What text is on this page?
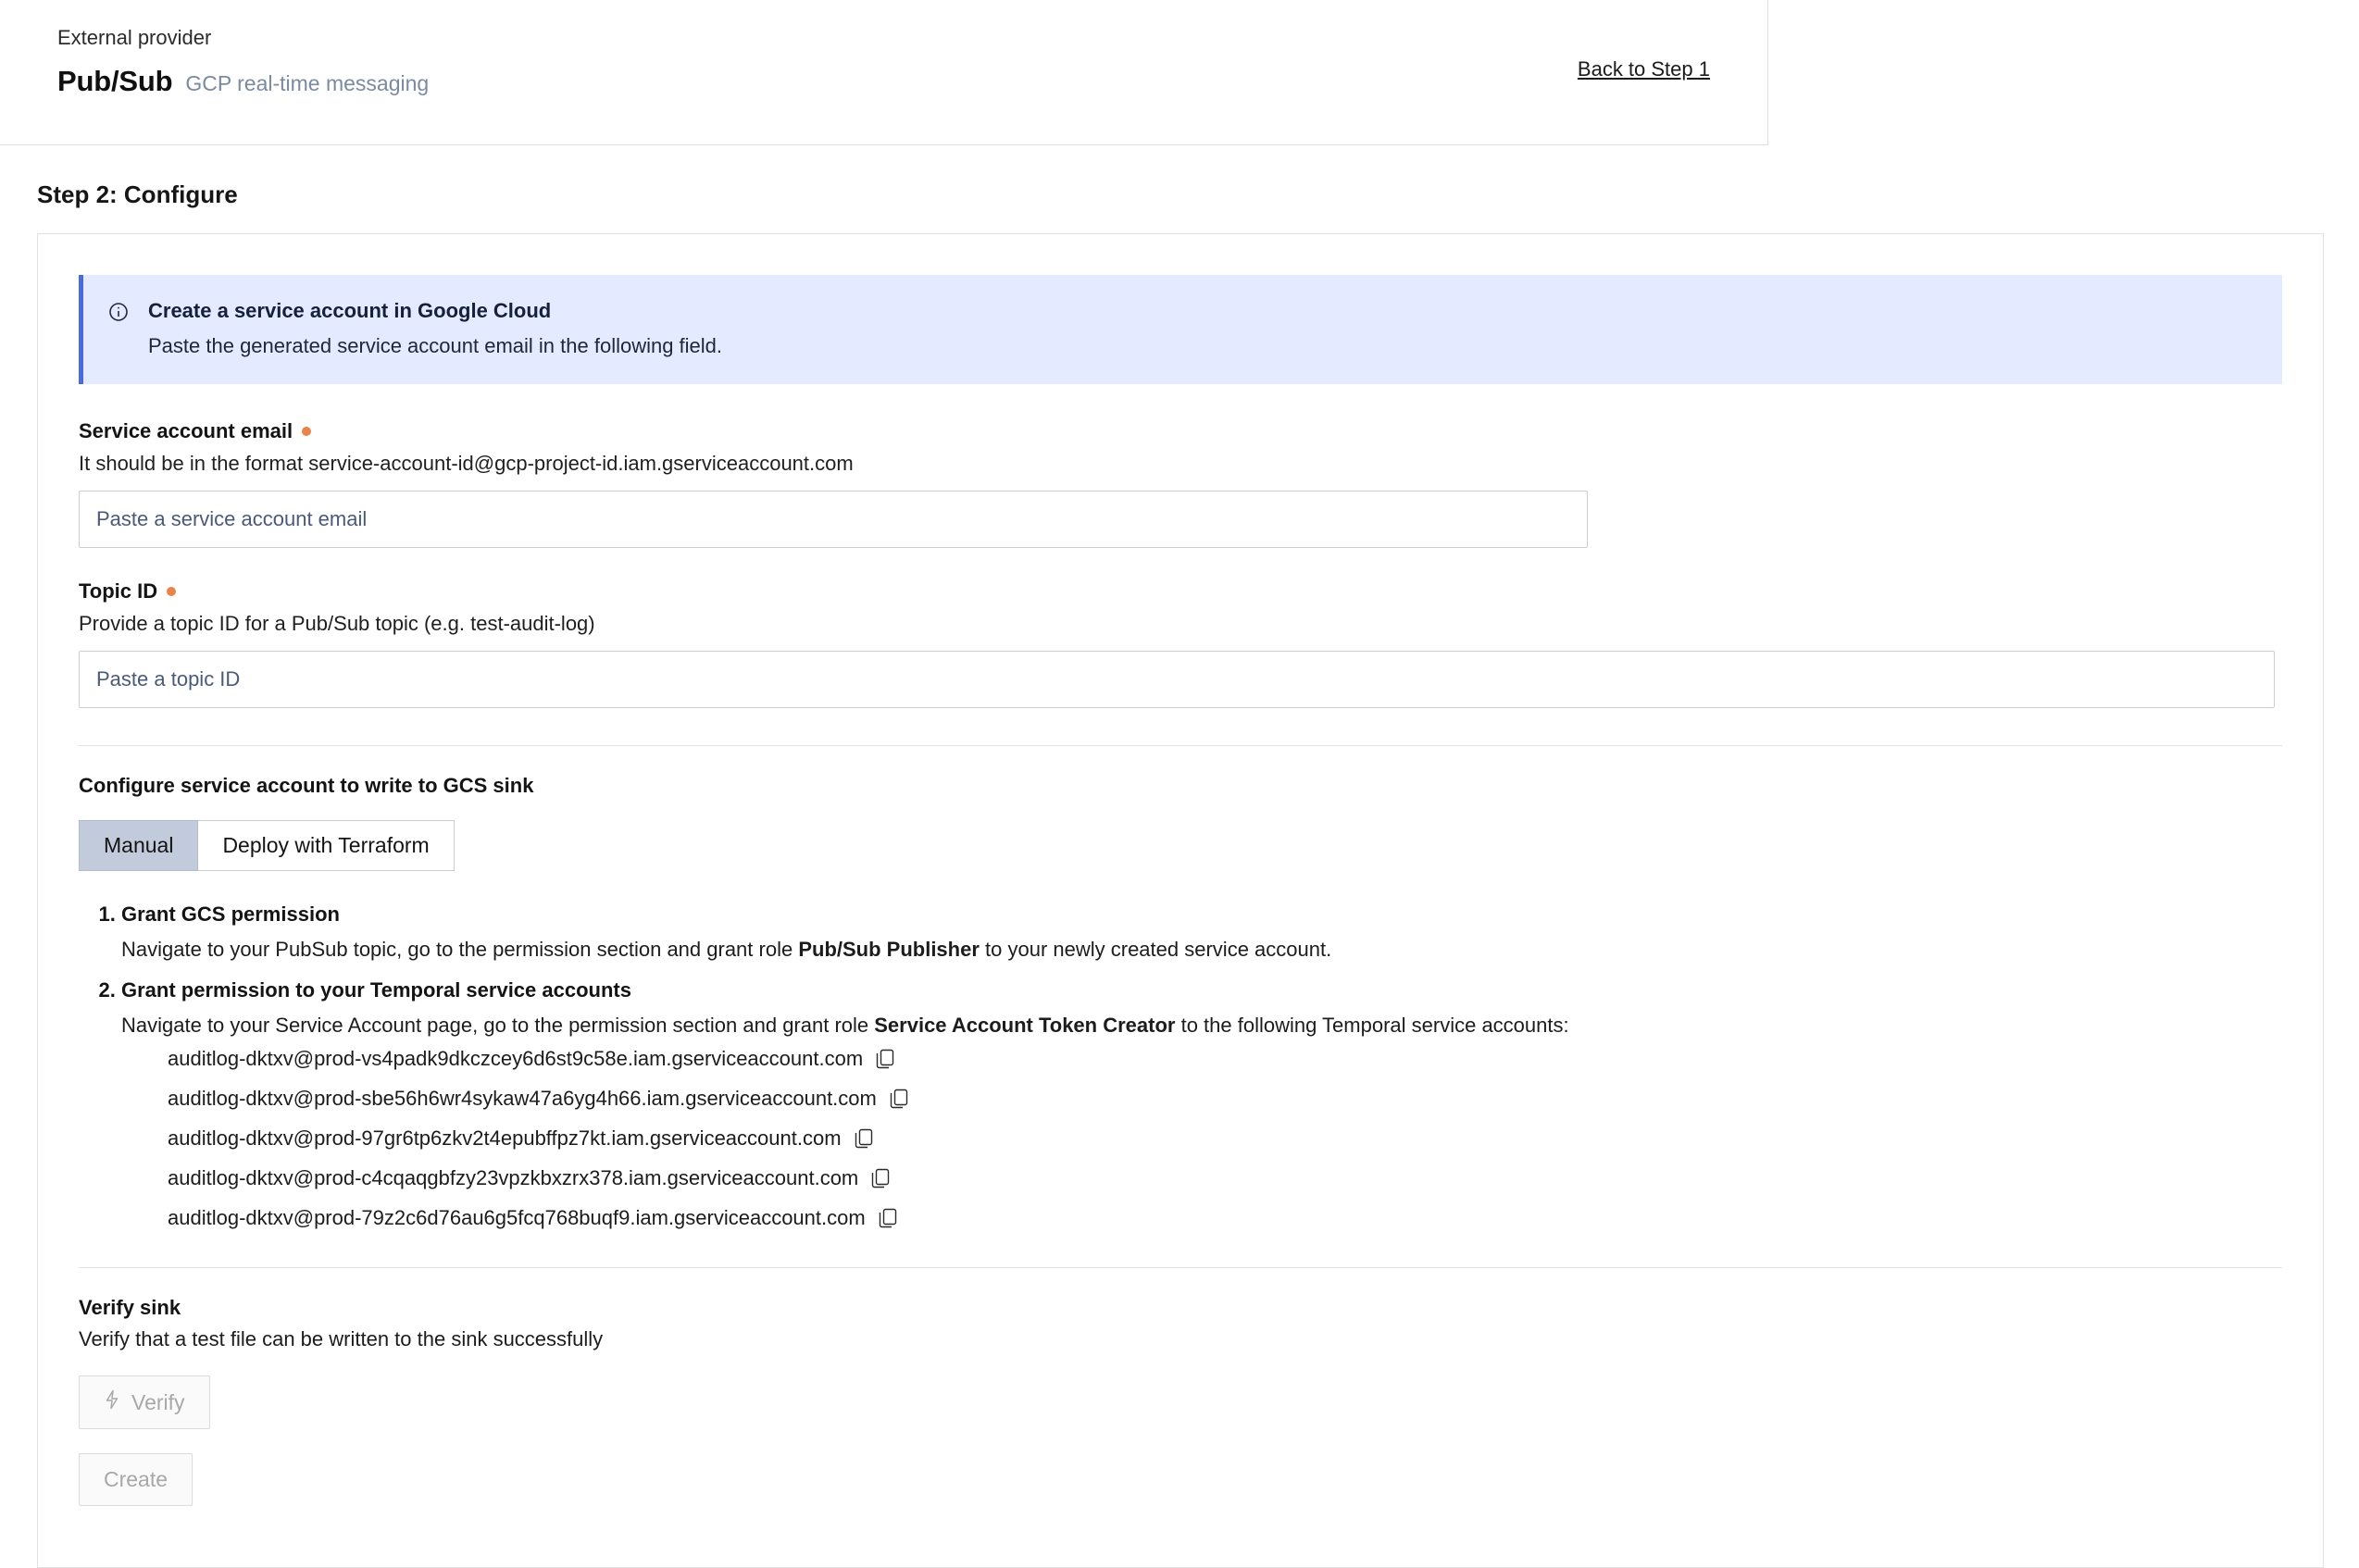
External provider
Pub/Sub GCP real-time messaging
Back to Step 1
Step 2: Configure
Create a service account in Google Cloud
Paste the generated service account email in the following field.
Service account email
It should be in the format service-account-id@gcp-project-id.iam.gserviceaccount.com
Paste a service account email
Topic ID
Provide a topic ID for a Pub/Sub topic (e.g. test-audit-log)
Paste a topic ID
Configure service account to write to GCS sink
Manual	Deploy with Terraform
1. Grant GCS permission
Navigate to your PubSub topic, go to the permission section and grant role Pub/Sub Publisher to your newly created service account.
2. Grant permission to your Temporal service accounts
Navigate to your Service Account page, go to the permission section and grant role Service Account Token Creator to the following Temporal service accounts:
auditlog-dktxv@prod-vs4padk9dkczcey6d6st9c58e.iam.gserviceaccount.com
auditlog-dktxv@prod-sbe56h6wr4sykaw47a6yg4h66.iam.gserviceaccount.com
auditlog-dktxv@prod-97gr6tp6zkv2t4epubffpz7kt.iam.gserviceaccount.com
auditlog-dktxv@prod-c4cqaqgbfzy23vpzkbxzrx378.iam.gserviceaccount.com
auditlog-dktxv@prod-79z2c6d76au6g5fcq768buqf9.iam.gserviceaccount.com
Verify sink
Verify that a test file can be written to the sink successfully
Verify
Create
